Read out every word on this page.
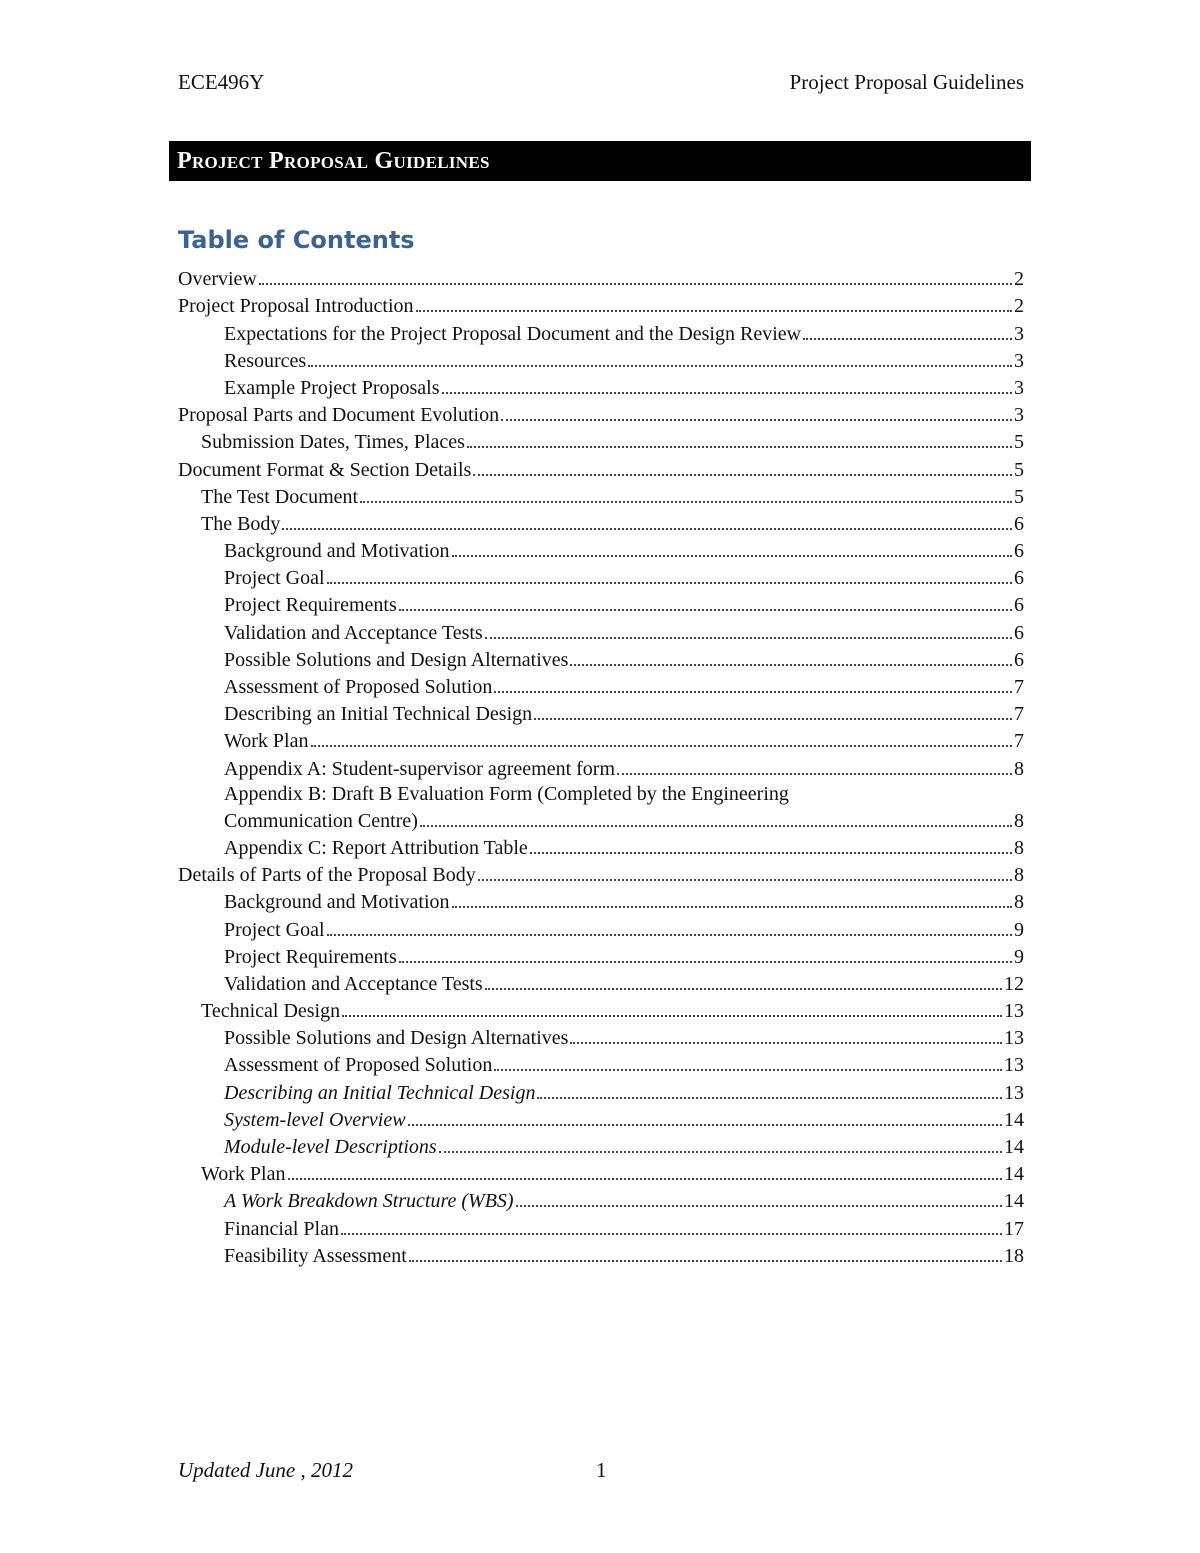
ECE496Y	Project Proposal Guidelines
Project Proposal Guidelines
Table of Contents
Overview	2
Project Proposal Introduction	2
Expectations for the Project Proposal Document and the Design Review	3
Resources	3
Example Project Proposals	3
Proposal Parts and Document Evolution	3
Submission Dates, Times, Places	5
Document Format & Section Details	5
The Test Document	5
The Body	6
Background and Motivation	6
Project Goal	6
Project Requirements	6
Validation and Acceptance Tests	6
Possible Solutions and Design Alternatives	6
Assessment of Proposed Solution	7
Describing an Initial Technical Design	7
Work Plan	7
Appendix A: Student-supervisor agreement form	8
Appendix B: Draft B Evaluation Form (Completed by the Engineering
Communication Centre)	8
Appendix C: Report Attribution Table	8
Details of Parts of the Proposal Body	8
Background and Motivation	8
Project Goal	9
Project Requirements	9
Validation and Acceptance Tests	12
Technical Design	13
Possible Solutions and Design Alternatives	13
Assessment of Proposed Solution	13
Describing an Initial Technical Design	13
System-level Overview	14
Module-level Descriptions	14
Work Plan	14
A Work Breakdown Structure (WBS)	14
Financial Plan	17
Feasibility Assessment	18
Updated June , 2012	1
